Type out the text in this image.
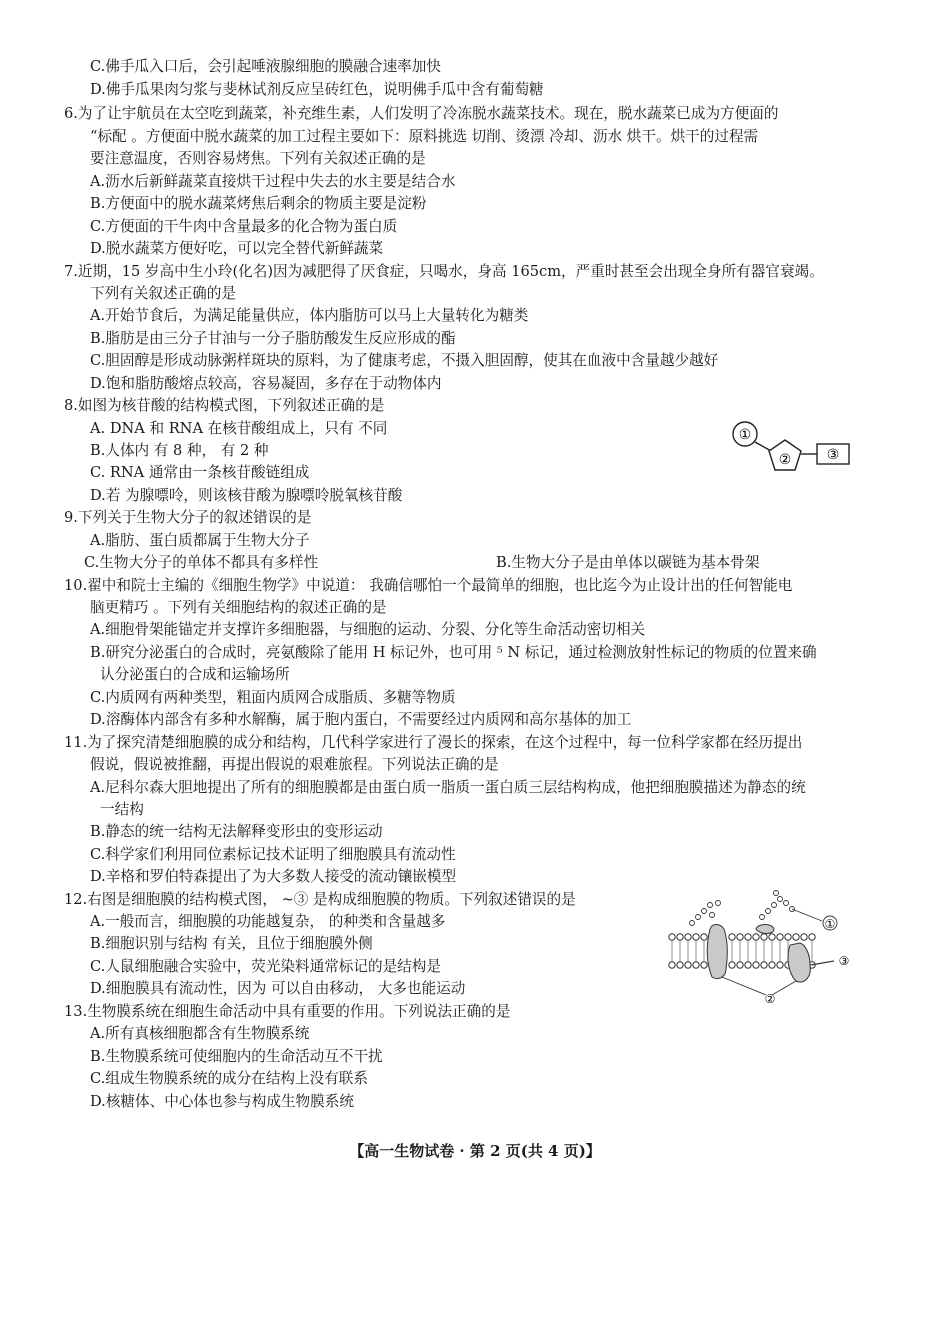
C.佛手瓜入口后，会引起唾液腺细胞的膜融合速率加快
D.佛手瓜果肉匀浆与斐林试剂反应呈砖红色，说明佛手瓜中含有葡萄糖
6.为了让宇航员在太空吃到蔬菜，补充维生素，人们发明了冷冻脱水蔬菜技术。现在，脱水蔬菜已成为方便面的
“标配 。方便面中脱水蔬菜的加工过程主要如下：原料挑选 切削、烫漂 冷却、沥水 烘干。烘干的过程需
要注意温度，否则容易烤焦。下列有关叙述正确的是
A.沥水后新鲜蔬菜直接烘干过程中失去的水主要是结合水
B.方便面中的脱水蔬菜烤焦后剩余的物质主要是淀粉
C.方便面的干牛肉中含量最多的化合物为蛋白质
D.脱水蔬菜方便好吃，可以完全替代新鲜蔬菜
7.近期，15 岁高中生小玲(化名)因为减肥得了厌食症，只喝水，身高 165cm，严重时甚至会出现全身所有器官衰竭。
下列有关叙述正确的是
A.开始节食后，为满足能量供应，体内脂肪可以马上大量转化为糖类
B.脂肪是由三分子甘油与一分子脂肪酸发生反应形成的酯
C.胆固醇是形成动脉粥样斑块的原料，为了健康考虑，不摄入胆固醇，使其在血液中含量越少越好
D.饱和脂肪酸熔点较高，容易凝固，多存在于动物体内
8.如图为核苷酸的结构模式图，下列叙述正确的是
A. DNA 和 RNA 在核苷酸组成上，只有 不同
B.人体内 有 8 种， 有 2 种
C. RNA 通常由一条核苷酸链组成
D.若 为腺嘌呤，则该核苷酸为腺嘌呤脱氧核苷酸
①
②	③
9.下列关于生物大分子的叙述错误的是
A.脂肪、蛋白质都属于生物大分子
C.生物大分子的单体不都具有多样性	B.生物大分子是由单体以碳链为基本骨架
10.翟中和院士主编的《细胞生物学》中说道： 我确信哪怕一个最简单的细胞，也比迄今为止设计出的任何智能电
脑更精巧 。下列有关细胞结构的叙述正确的是
A.细胞骨架能锚定并支撑许多细胞器，与细胞的运动、分裂、分化等生命活动密切相关
B.研究分泌蛋白的合成时，亮氨酸除了能用 H 标记外，也可用 ⁵ N 标记，通过检测放射性标记的物质的位置来确
认分泌蛋白的合成和运输场所
C.内质网有两种类型，粗面内质网合成脂质、多糖等物质
D.溶酶体内部含有多种水解酶，属于胞内蛋白，不需要经过内质网和高尔基体的加工
11.为了探究清楚细胞膜的成分和结构，几代科学家进行了漫长的探索，在这个过程中，每一位科学家都在经历提出
假说，假说被推翻，再提出假说的艰难旅程。下列说法正确的是
A.尼科尔森大胆地提出了所有的细胞膜都是由蛋白质一脂质一蛋白质三层结构构成，他把细胞膜描述为静态的统
一结构
B.静态的统一结构无法解释变形虫的变形运动
C.科学家们利用同位素标记技术证明了细胞膜具有流动性
D.辛格和罗伯特森提出了为大多数人接受的流动镶嵌模型
12.右图是细胞膜的结构模式图， ~③ 是构成细胞膜的物质。下列叙述错误的是
A.一般而言，细胞膜的功能越复杂， 的种类和含量越多
B.细胞识别与结构 有关，且位于细胞膜外侧
C.人鼠细胞融合实验中，荧光染料通常标记的是结构是
D.细胞膜具有流动性，因为 可以自由移动， 大多也能运动
①
②
③
13.生物膜系统在细胞生命活动中具有重要的作用。下列说法正确的是
A.所有真核细胞都含有生物膜系统
B.生物膜系统可使细胞内的生命活动互不干扰
C.组成生物膜系统的成分在结构上没有联系
D.核糖体、中心体也参与构成生物膜系统
【高一生物试卷 · 第 2 页(共 4 页)】
